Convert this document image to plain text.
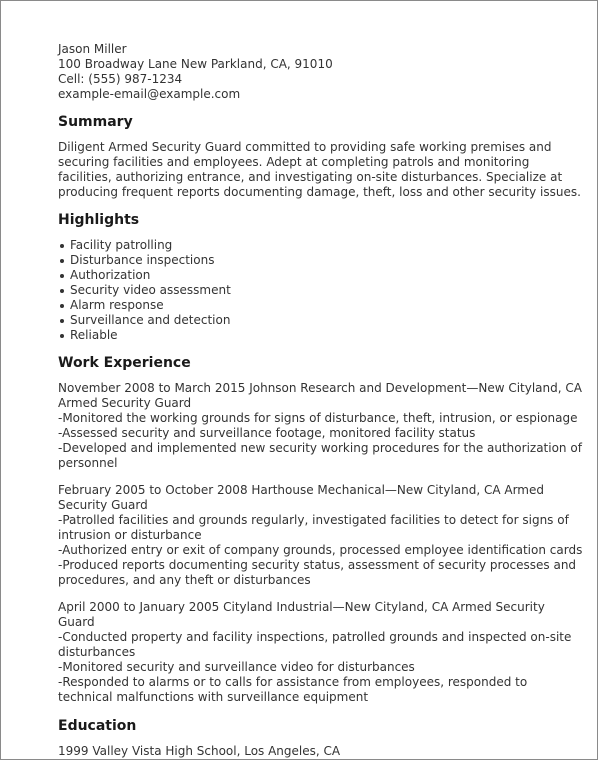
Jason Miller
100 Broadway Lane New Parkland, CA, 91010
Cell: (555) 987-1234
example-email@example.com
Summary
Diligent Armed Security Guard committed to providing safe working premises and securing facilities and employees. Adept at completing patrols and monitoring facilities, authorizing entrance, and investigating on-site disturbances. Specialize at producing frequent reports documenting damage, theft, loss and other security issues.
Highlights
Facility patrolling
Disturbance inspections
Authorization
Security video assessment
Alarm response
Surveillance and detection
Reliable
Work Experience
November 2008 to March 2015 Johnson Research and Development—New Cityland, CA Armed Security Guard
-Monitored the working grounds for signs of disturbance, theft, intrusion, or espionage
-Assessed security and surveillance footage, monitored facility status
-Developed and implemented new security working procedures for the authorization of personnel
February 2005 to October 2008 Harthouse Mechanical—New Cityland, CA Armed Security Guard
-Patrolled facilities and grounds regularly, investigated facilities to detect for signs of intrusion or disturbance
-Authorized entry or exit of company grounds, processed employee identification cards
-Produced reports documenting security status, assessment of security processes and procedures, and any theft or disturbances
April 2000 to January 2005 Cityland Industrial—New Cityland, CA Armed Security Guard
-Conducted property and facility inspections, patrolled grounds and inspected on-site disturbances
-Monitored security and surveillance video for disturbances
-Responded to alarms or to calls for assistance from employees, responded to technical malfunctions with surveillance equipment
Education
1999 Valley Vista High School, Los Angeles, CA
